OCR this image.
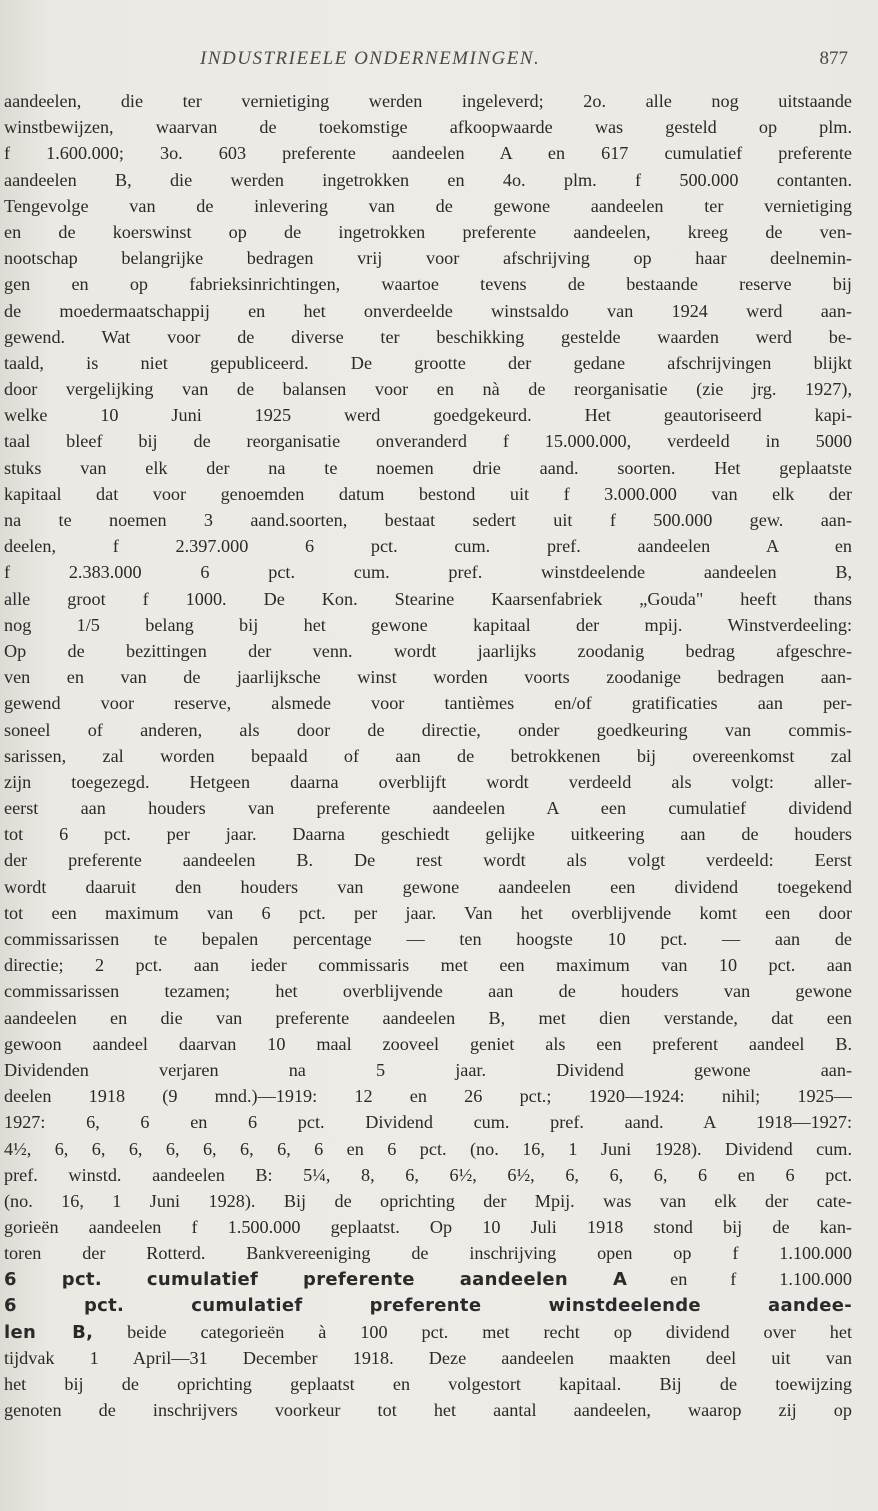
INDUSTRIEELE ONDERNEMINGEN.	877
aandeelen, die ter vernietiging werden ingeleverd; 2o. alle nog uitstaande
winstbewijzen, waarvan de toekomstige afkoopwaarde was gesteld op plm.
f 1.600.000; 3o. 603 preferente aandeelen A en 617 cumulatief preferente
aandeelen B, die werden ingetrokken en 4o. plm. f 500.000 contanten.
Tengevolge van de inlevering van de gewone aandeelen ter vernietiging
en de koerswinst op de ingetrokken preferente aandeelen, kreeg de ven-
nootschap belangrijke bedragen vrij voor afschrijving op haar deelnemin-
gen en op fabrieksinrichtingen, waartoe tevens de bestaande reserve bij
de moedermaatschappij en het onverdeelde winstsaldo van 1924 werd aan-
gewend. Wat voor de diverse ter beschikking gestelde waarden werd be-
taald, is niet gepubliceerd. De grootte der gedane afschrijvingen blijkt
door vergelijking van de balansen voor en nà de reorganisatie (zie jrg. 1927),
welke 10 Juni 1925 werd goedgekeurd. Het geautoriseerd kapi-
taal bleef bij de reorganisatie onveranderd f 15.000.000, verdeeld in 5000
stuks van elk der na te noemen drie aand. soorten. Het geplaatste
kapitaal dat voor genoemden datum bestond uit f 3.000.000 van elk der
na te noemen 3 aand.soorten, bestaat sedert uit f 500.000 gew. aan-
deelen, f 2.397.000 6 pct. cum. pref. aandeelen A en
f 2.383.000 6 pct. cum. pref. winstdeelende aandeelen B,
alle groot f 1000. De Kon. Stearine Kaarsenfabriek „Gouda" heeft thans
nog 1/5 belang bij het gewone kapitaal der mpij. Winstverdeeling:
Op de bezittingen der venn. wordt jaarlijks zoodanig bedrag afgeschre-
ven en van de jaarlijksche winst worden voorts zoodanige bedragen aan-
gewend voor reserve, alsmede voor tantièmes en/of gratificaties aan per-
soneel of anderen, als door de directie, onder goedkeuring van commis-
sarissen, zal worden bepaald of aan de betrokkenen bij overeenkomst zal
zijn toegezegd. Hetgeen daarna overblijft wordt verdeeld als volgt: aller-
eerst aan houders van preferente aandeelen A een cumulatief dividend
tot 6 pct. per jaar. Daarna geschiedt gelijke uitkeering aan de houders
der preferente aandeelen B. De rest wordt als volgt verdeeld: Eerst
wordt daaruit den houders van gewone aandeelen een dividend toegekend
tot een maximum van 6 pct. per jaar. Van het overblijvende komt een door
commissarissen te bepalen percentage — ten hoogste 10 pct. — aan de
directie; 2 pct. aan ieder commissaris met een maximum van 10 pct. aan
commissarissen tezamen; het overblijvende aan de houders van gewone
aandeelen en die van preferente aandeelen B, met dien verstande, dat een
gewoon aandeel daarvan 10 maal zooveel geniet als een preferent aandeel B.
Dividenden verjaren na 5 jaar. Dividend gewone aan-
deelen 1918 (9 mnd.)—1919: 12 en 26 pct.; 1920—1924: nihil; 1925—
1927: 6, 6 en 6 pct. Dividend cum. pref. aand. A 1918—1927:
4½, 6, 6, 6, 6, 6, 6, 6, 6 en 6 pct. (no. 16, 1 Juni 1928). Dividend cum.
pref. winstd. aandeelen B: 5¼, 8, 6, 6½, 6½, 6, 6, 6, 6 en 6 pct.
(no. 16, 1 Juni 1928). Bij de oprichting der Mpij. was van elk der cate-
gorieën aandeelen f 1.500.000 geplaatst. Op 10 Juli 1918 stond bij de kan-
toren der Rotterd. Bankvereeniging de inschrijving open op f 1.100.000
6 pct. cumulatief preferente aandeelen A en f 1.100.000
6 pct. cumulatief preferente winstdeelende aandee-
len B, beide categorieën à 100 pct. met recht op dividend over het
tijdvak 1 April—31 December 1918. Deze aandeelen maakten deel uit van
het bij de oprichting geplaatst en volgestort kapitaal. Bij de toewijzing
genoten de inschrijvers voorkeur tot het aantal aandeelen, waarop zij op
